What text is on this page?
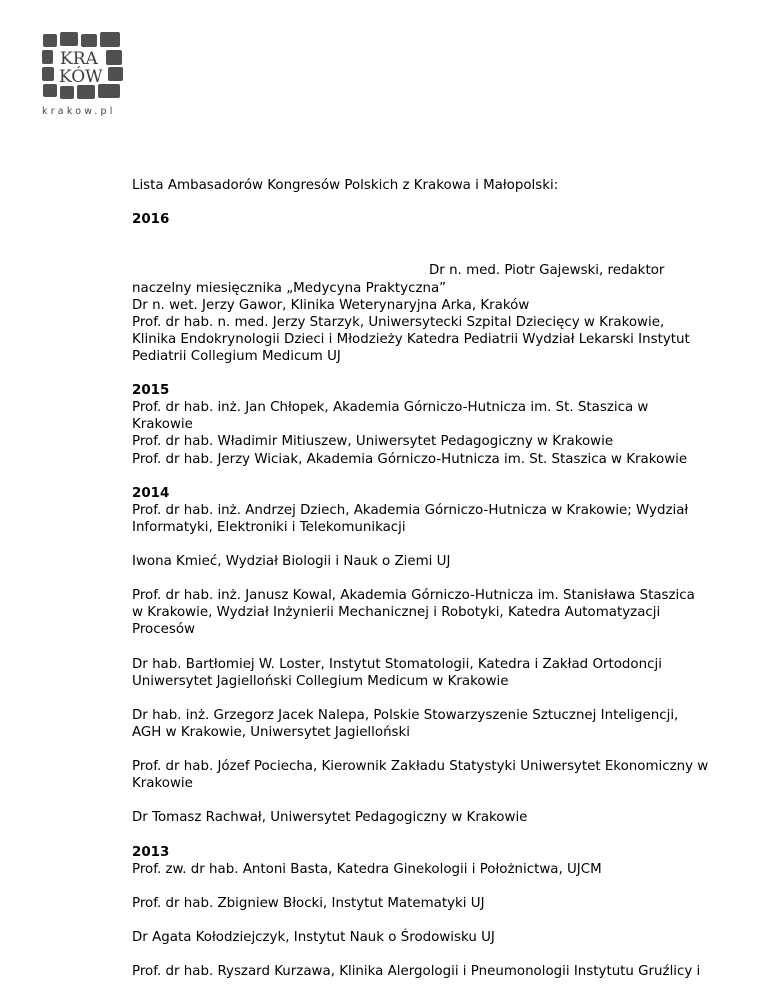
KRA
KÓW
krakow.pl

Lista Ambasadorów Kongresów Polskich z Krakowa i Małopolski:

2016

Dr n. med. Piotr Gajewski, redaktor

naczelny miesięcznika „Medycyna Praktyczna”

Dr n. wet. Jerzy Gawor, Klinika Weterynaryjna Arka, Kraków

Prof. dr hab. n. med. Jerzy Starzyk, Uniwersytecki Szpital Dziecięcy w Krakowie,

Klinika Endokrynologii Dzieci i Młodzieży Katedra Pediatrii Wydział Lekarski Instytut

Pediatrii Collegium Medicum UJ

2015

Prof. dr hab. inż. Jan Chłopek, Akademia Górniczo-Hutnicza im. St. Staszica w

Krakowie

Prof. dr hab. Władimir Mitiuszew, Uniwersytet Pedagogiczny w Krakowie

Prof. dr hab. Jerzy Wiciak, Akademia Górniczo-Hutnicza im. St. Staszica w Krakowie

2014

Prof. dr hab. inż. Andrzej Dziech, Akademia Górniczo-Hutnicza w Krakowie; Wydział

Informatyki, Elektroniki i Telekomunikacji

Iwona Kmieć, Wydział Biologii i Nauk o Ziemi UJ

Prof. dr hab. inż. Janusz Kowal, Akademia Górniczo-Hutnicza im. Stanisława Staszica

w Krakowie, Wydział Inżynierii Mechanicznej i Robotyki, Katedra Automatyzacji

Procesów

Dr hab. Bartłomiej W. Loster, Instytut Stomatologii, Katedra i Zakład Ortodoncji

Uniwersytet Jagielloński Collegium Medicum w Krakowie

Dr hab. inż. Grzegorz Jacek Nalepa, Polskie Stowarzyszenie Sztucznej Inteligencji,

AGH w Krakowie, Uniwersytet Jagielloński

Prof. dr hab. Józef Pociecha, Kierownik Zakładu Statystyki Uniwersytet Ekonomiczny w

Krakowie

Dr Tomasz Rachwał, Uniwersytet Pedagogiczny w Krakowie

2013

Prof. zw. dr hab. Antoni Basta, Katedra Ginekologii i Położnictwa, UJCM

Prof. dr hab. Zbigniew Błocki, Instytut Matematyki UJ

Dr Agata Kołodziejczyk, Instytut Nauk o Środowisku UJ

Prof. dr hab. Ryszard Kurzawa, Klinika Alergologii i Pneumonologii Instytutu Gruźlicy i
